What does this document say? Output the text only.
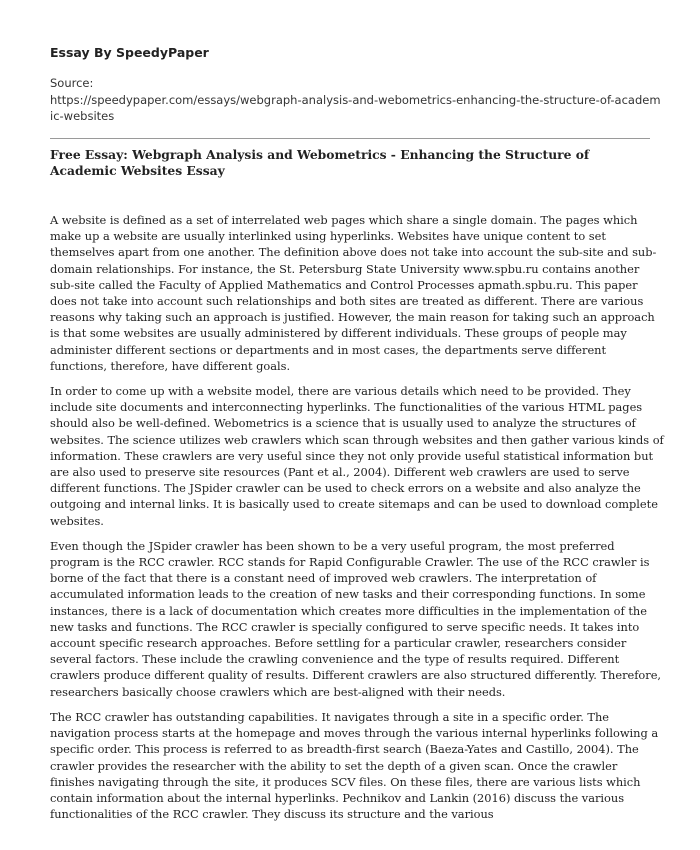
Essay By SpeedyPaper
Source:
https://speedypaper.com/essays/webgraph-analysis-and-webometrics-enhancing-the-structure-of-academic-websites
Free Essay: Webgraph Analysis and Webometrics - Enhancing the Structure of Academic Websites Essay

A website is defined as a set of interrelated web pages which share a single domain. The pages which make up a website are usually interlinked using hyperlinks. Websites have unique content to set themselves apart from one another. The definition above does not take into account the sub-site and sub-domain relationships. For instance, the St. Petersburg State University www.spbu.ru contains another sub-site called the Faculty of Applied Mathematics and Control Processes apmath.spbu.ru. This paper does not take into account such relationships and both sites are treated as different. There are various reasons why taking such an approach is justified. However, the main reason for taking such an approach is that some websites are usually administered by different individuals. These groups of people may administer different sections or departments and in most cases, the departments serve different functions, therefore, have different goals.

In order to come up with a website model, there are various details which need to be provided. They include site documents and interconnecting hyperlinks. The functionalities of the various HTML pages should also be well-defined. Webometrics is a science that is usually used to analyze the structures of websites. The science utilizes web crawlers which scan through websites and then gather various kinds of information. These crawlers are very useful since they not only provide useful statistical information but are also used to preserve site resources (Pant et al., 2004). Different web crawlers are used to serve different functions. The JSpider crawler can be used to check errors on a website and also analyze the outgoing and internal links. It is basically used to create sitemaps and can be used to download complete websites.

Even though the JSpider crawler has been shown to be a very useful program, the most preferred program is the RCC crawler. RCC stands for Rapid Configurable Crawler. The use of the RCC crawler is borne of the fact that there is a constant need of improved web crawlers. The interpretation of accumulated information leads to the creation of new tasks and their corresponding functions. In some instances, there is a lack of documentation which creates more difficulties in the implementation of the new tasks and functions. The RCC crawler is specially configured to serve specific needs. It takes into account specific research approaches. Before settling for a particular crawler, researchers consider several factors. These include the crawling convenience and the type of results required. Different crawlers produce different quality of results. Different crawlers are also structured differently. Therefore, researchers basically choose crawlers which are best-aligned with their needs.

The RCC crawler has outstanding capabilities. It navigates through a site in a specific order. The navigation process starts at the homepage and moves through the various internal hyperlinks following a specific order. This process is referred to as breadth-first search (Baeza-Yates and Castillo, 2004). The crawler provides the researcher with the ability to set the depth of a given scan. Once the crawler finishes navigating through the site, it produces SCV files. On these files, there are various lists which contain information about the internal hyperlinks. Pechnikov and Lankin (2016) discuss the various functionalities of the RCC crawler. They discuss its structure and the various
